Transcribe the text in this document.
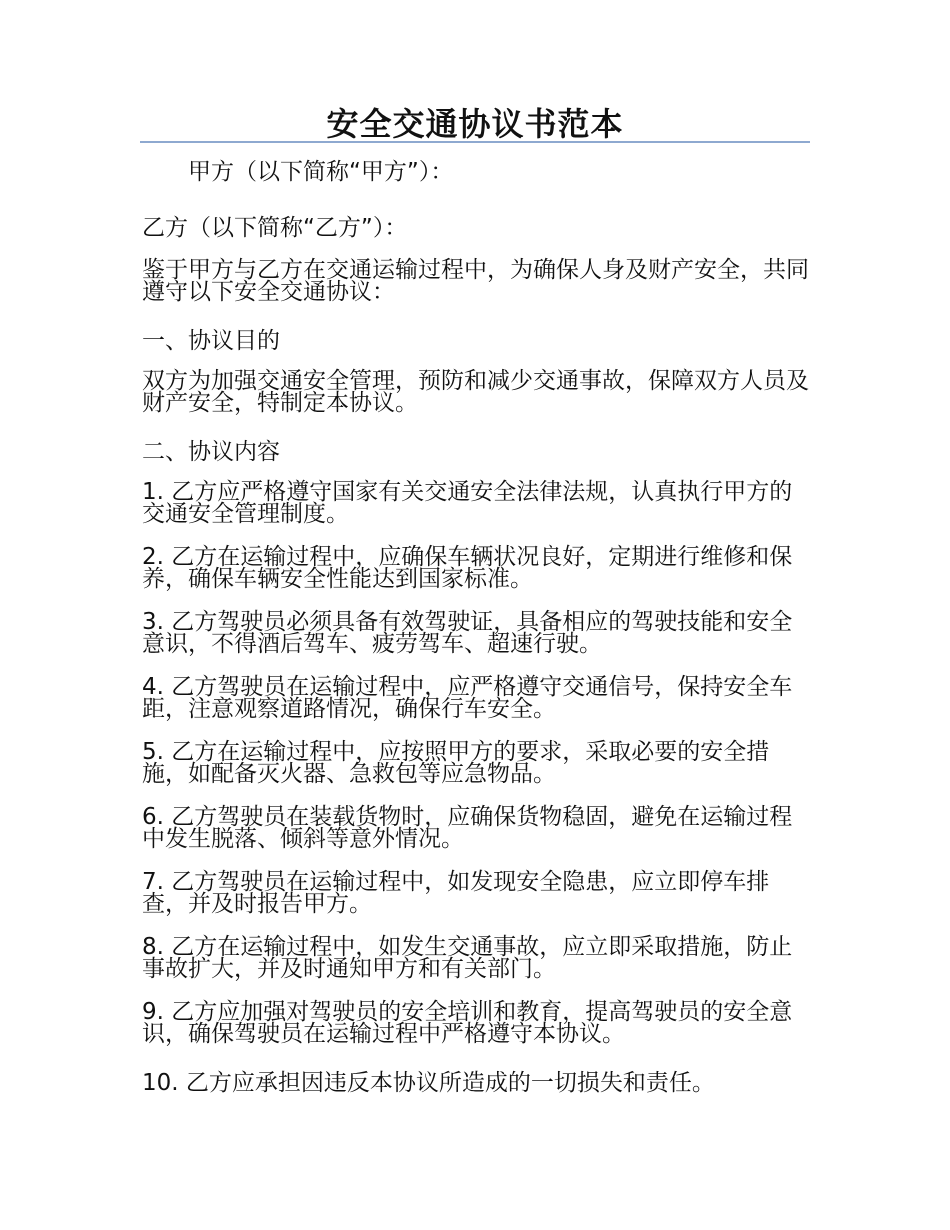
安全交通协议书范本

甲方（以下简称“甲方”）：

乙方（以下简称“乙方”）：

鉴于甲方与乙方在交通运输过程中，为确保人身及财产安全，共同遵守以下安全交通协议：

一、协议目的

双方为加强交通安全管理，预防和减少交通事故，保障双方人员及财产安全，特制定本协议。

二、协议内容

1. 乙方应严格遵守国家有关交通安全法律法规，认真执行甲方的交通安全管理制度。

2. 乙方在运输过程中，应确保车辆状况良好，定期进行维修和保养，确保车辆安全性能达到国家标准。

3. 乙方驾驶员必须具备有效驾驶证，具备相应的驾驶技能和安全意识，不得酒后驾车、疲劳驾车、超速行驶。

4. 乙方驾驶员在运输过程中，应严格遵守交通信号，保持安全车距，注意观察道路情况，确保行车安全。

5. 乙方在运输过程中，应按照甲方的要求，采取必要的安全措施，如配备灭火器、急救包等应急物品。

6. 乙方驾驶员在装载货物时，应确保货物稳固，避免在运输过程中发生脱落、倾斜等意外情况。

7. 乙方驾驶员在运输过程中，如发现安全隐患，应立即停车排查，并及时报告甲方。

8. 乙方在运输过程中，如发生交通事故，应立即采取措施，防止事故扩大，并及时通知甲方和有关部门。

9. 乙方应加强对驾驶员的安全培训和教育，提高驾驶员的安全意识，确保驾驶员在运输过程中严格遵守本协议。

10. 乙方应承担因违反本协议所造成的一切损失和责任。
